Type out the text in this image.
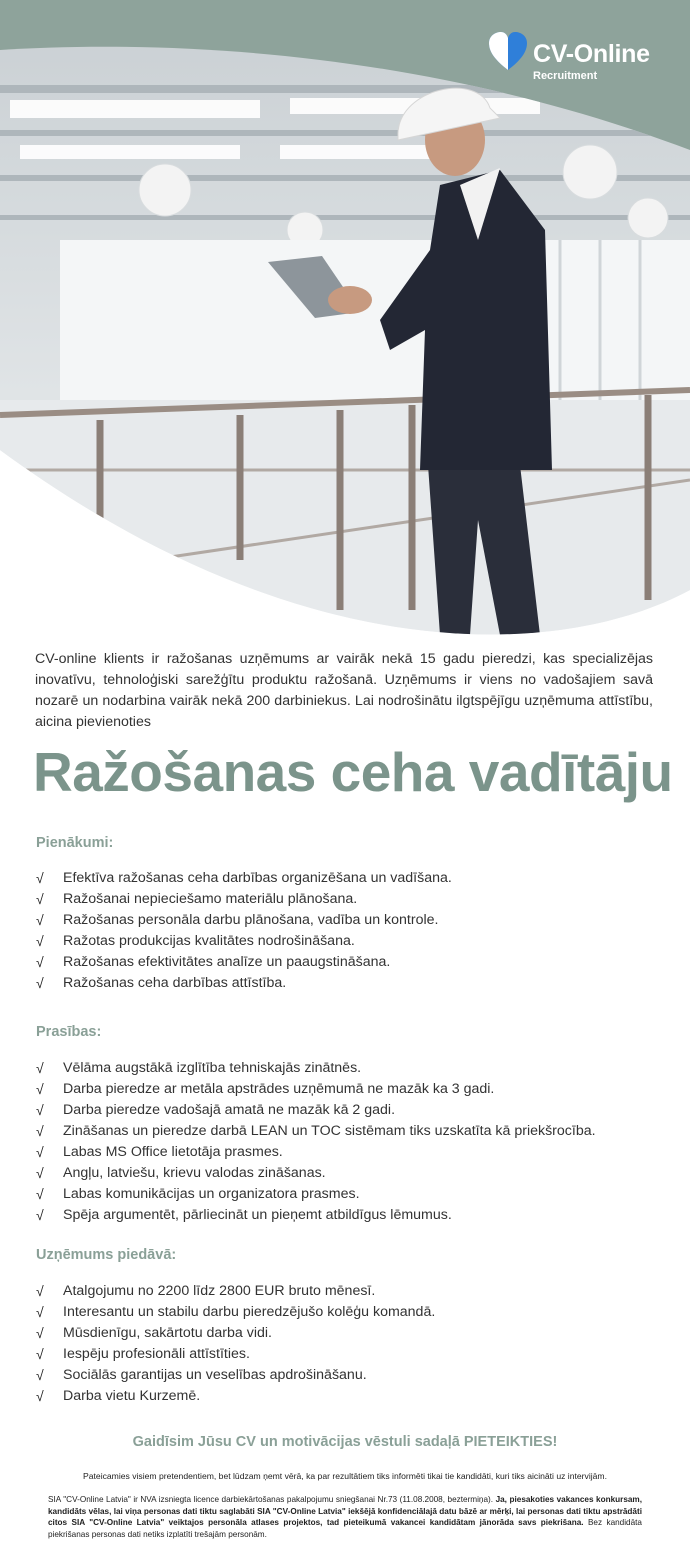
CV-Online
Recruitment

CV-online klients ir ražošanas uzņēmums ar vairāk nekā 15 gadu pieredzi, kas specializējas inovatīvu, tehnoloģiski sarežģītu produktu ražošanā. Uzņēmums ir viens no vadošajiem savā nozarē un nodarbina vairāk nekā 200 darbiniekus. Lai nodrošinātu ilgtspējīgu uzņēmuma attīstību, aicina pievienoties

Ražošanas ceha vadītāju
Pienākumi:
√ Efektīva ražošanas ceha darbības organizēšana un vadīšana.
√ Ražošanai nepieciešamo materiālu plānošana.
√ Ražošanas personāla darbu plānošana, vadība un kontrole.
√ Ražotas produkcijas kvalitātes nodrošināšana.
√ Ražošanas efektivitātes analīze un paaugstināšana.
√ Ražošanas ceha darbības attīstība.
Prasības:
√ Vēlāma augstākā izglītība tehniskajās zinātnēs.
√ Darba pieredze ar metāla apstrādes uzņēmumā ne mazāk ka 3 gadi.
√ Darba pieredze vadošajā amatā ne mazāk kā 2 gadi.
√ Zināšanas un pieredze darbā LEAN un TOC sistēmam tiks uzskatīta kā priekšrocība.
√ Labas MS Office lietotāja prasmes.
√ Angļu, latviešu, krievu valodas zināšanas.
√ Labas komunikācijas un organizatora prasmes.
√ Spēja argumentēt, pārliecināt un pieņemt atbildīgus lēmumus.
Uzņēmums piedāvā:
√ Atalgojumu no 2200 līdz 2800 EUR bruto mēnesī.
√ Interesantu un stabilu darbu pieredzējušo kolēģu komandā.
√ Mūsdienīgu, sakārtotu darba vidi.
√ Iespēju profesionāli attīstīties.
√ Sociālās garantijas un veselības apdrošināšanu.
√ Darba vietu Kurzemē.
Gaidīsim Jūsu CV un motivācijas vēstuli sadaļā PIETEIKTIES!
Pateicamies visiem pretendentiem, bet lūdzam ņemt vērā, ka par rezultātiem tiks informēti tikai tie kandidāti, kuri tiks aicināti uz intervijām.

SIA "CV-Online Latvia" ir NVA izsniegta licence darbiekārtošanas pakalpojumu sniegšanai Nr.73 (11.08.2008, beztermiņa). Ja, piesakoties vakances konkursam, kandidāts vēlas, lai viņa personas dati tiktu saglabāti SIA "CV-Online Latvia" iekšējā konfidenciālajā datu bāzē ar mērķi, lai personas dati tiktu apstrādāti citos SIA "CV-Online Latvia" veiktajos personāla atlases projektos, tad pieteikumā vakancei kandidātam jānorāda savs piekrišana. Bez kandidāta piekrišanas personas dati netiks izplatīti trešajām personām.
